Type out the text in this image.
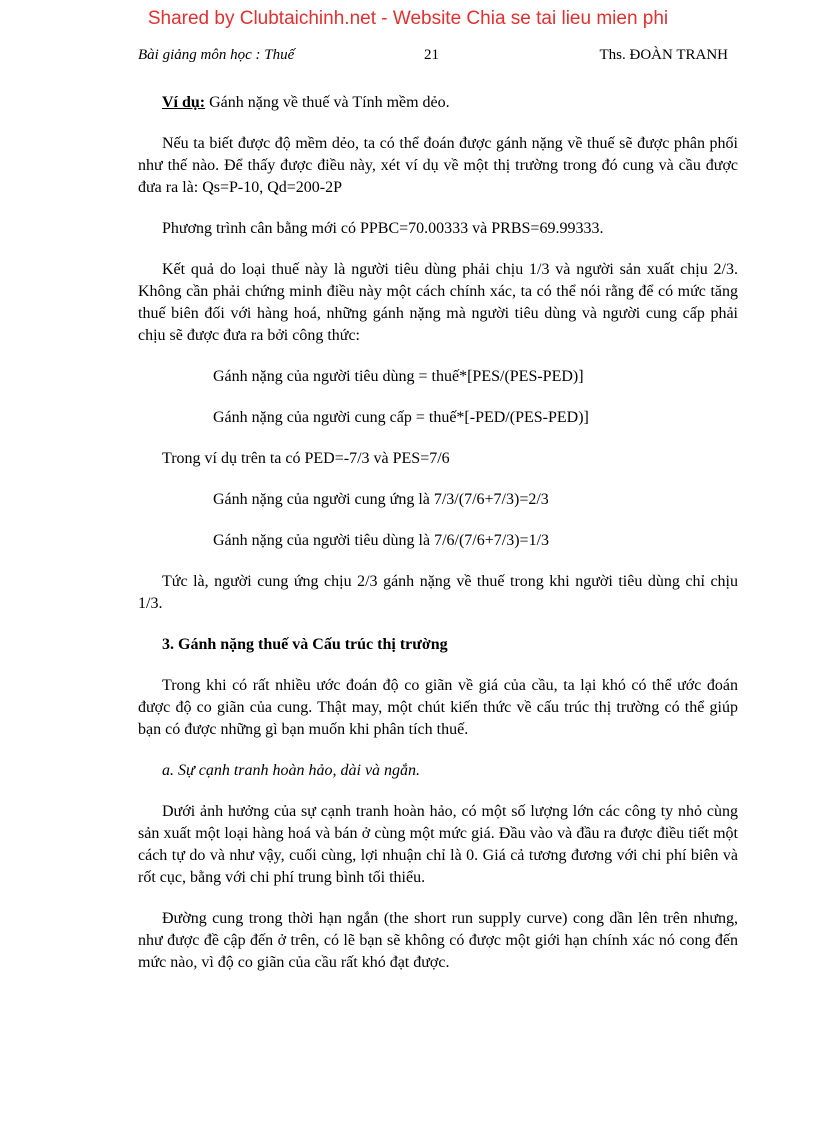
Shared by Clubtaichinh.net - Website Chia se tai lieu mien phi
Bài giảng môn học : Thuế	21	Ths. ĐOÀN TRANH

Ví dụ: Gánh nặng về thuế và Tính mềm dẻo.

Nếu ta biết được độ mềm dẻo, ta có thể đoán được gánh nặng về thuế sẽ được phân phối như thế nào. Để thấy được điều này, xét ví dụ về một thị trường trong đó cung và cầu được đưa ra là: Qs=P-10, Qd=200-2P

Phương trình cân bằng mới có PPBC=70.00333 và PRBS=69.99333.

Kết quả do loại thuế này là người tiêu dùng phải chịu 1/3 và người sản xuất chịu 2/3. Không cần phải chứng minh điều này một cách chính xác, ta có thể nói rằng để có mức tăng thuế biên đối với hàng hoá, những gánh nặng mà người tiêu dùng và người cung cấp phải chịu sẽ được đưa ra bởi công thức:

Gánh nặng của người tiêu dùng = thuế*[PES/(PES-PED)]

Gánh nặng của người cung cấp = thuế*[-PED/(PES-PED)]

Trong ví dụ trên ta có PED=-7/3 và PES=7/6

Gánh nặng của người cung ứng là 7/3/(7/6+7/3)=2/3

Gánh nặng của người tiêu dùng là 7/6/(7/6+7/3)=1/3

Tức là, người cung ứng chịu 2/3 gánh nặng về thuế trong khi người tiêu dùng chỉ chịu 1/3.

3. Gánh nặng thuế và Cấu trúc thị trường

Trong khi có rất nhiều ước đoán độ co giãn về giá của cầu, ta lại khó có thể ước đoán được độ co giãn của cung. Thật may, một chút kiến thức về cấu trúc thị trường có thể giúp bạn có được những gì bạn muốn khi phân tích thuế.

a. Sự cạnh tranh hoàn hảo, dài và ngắn.

Dưới ảnh hưởng của sự cạnh tranh hoàn hảo, có một số lượng lớn các công ty nhỏ cùng sản xuất một loại hàng hoá và bán ở cùng một mức giá. Đầu vào và đầu ra được điều tiết một cách tự do và như vậy, cuối cùng, lợi nhuận chỉ là 0. Giá cả tương đương với chi phí biên và rốt cục, bằng với chi phí trung bình tối thiểu.

Đường cung trong thời hạn ngắn (the short run supply curve) cong dần lên trên nhưng, như được đề cập đến ở trên, có lẽ bạn sẽ không có được một giới hạn chính xác nó cong đến mức nào, vì độ co giãn của cầu rất khó đạt được.
